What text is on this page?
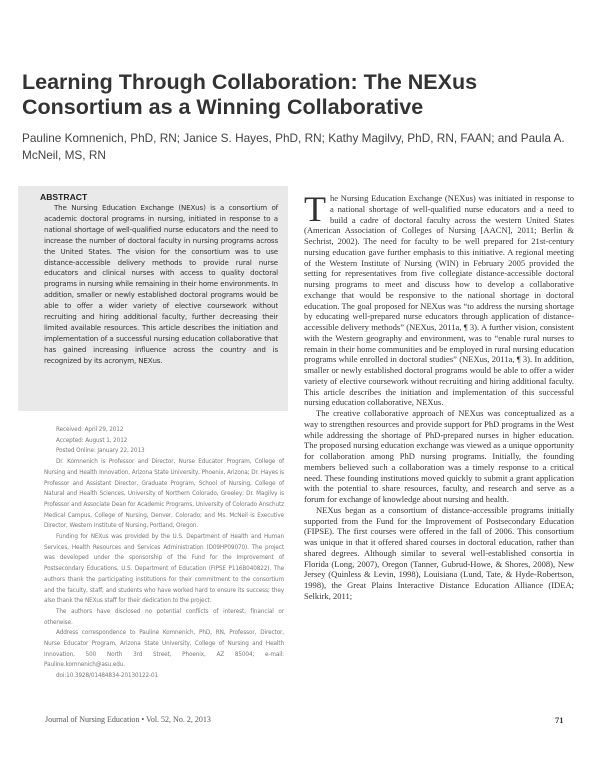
Learning Through Collaboration: The NEXus Consortium as a Winning Collaborative
Pauline Komnenich, PhD, RN; Janice S. Hayes, PhD, RN; Kathy Magilvy, PhD, RN, FAAN; and Paula A. McNeil, MS, RN
ABSTRACT

The Nursing Education Exchange (NEXus) is a consortium of academic doctoral programs in nursing, initiated in response to a national shortage of well-qualified nurse educators and the need to increase the number of doctoral faculty in nursing programs across the United States. The vision for the consortium was to use distance-accessible delivery methods to provide rural nurse educators and clinical nurses with access to quality doctoral programs in nursing while remaining in their home environments. In addition, smaller or newly established doctoral programs would be able to offer a wider variety of elective coursework without recruiting and hiring additional faculty, further decreasing their limited available resources. This article describes the initiation and implementation of a successful nursing education collaborative that has gained increasing influence across the country and is recognized by its acronym, NEXus.

Received: April 29, 2012

Accepted: August 1, 2012

Posted Online: January 22, 2013

Dr. Komnenich is Professor and Director, Nurse Educator Program, College of Nursing and Health Innovation, Arizona State University, Phoenix, Arizona; Dr. Hayes is Professor and Assistant Director, Graduate Program, School of Nursing, College of Natural and Health Sciences, University of Northern Colorado, Greeley; Dr. Magilvy is Professor and Associate Dean for Academic Programs, University of Colorado Anschutz Medical Campus, College of Nursing, Denver, Colorado; and Ms. McNeil is Executive Director, Western Institute of Nursing, Portland, Oregon.

Funding for NEXus was provided by the U.S. Department of Health and Human Services, Health Resources and Services Administration (D09HP09070). The project was developed under the sponsorship of the Fund for the Improvement of Postsecondary Educations, U.S. Department of Education (FIPSE P116B040822). The authors thank the participating institutions for their commitment to the consortium and the faculty, staff, and students who have worked hard to ensure its success; they also thank the NEXus staff for their dedication to the project.

The authors have disclosed no potential conflicts of interest, financial or otherwise.

Address correspondence to Pauline Komnenich, PhD, RN, Professor, Director, Nurse Educator Program, Arizona State University, College of Nursing and Health Innovation, 500 North 3rd Street, Phoenix, AZ 85004; e-mail: Pauline.komnenich@asu.edu.

doi:10.3928/01484834-20130122-01

The Nursing Education Exchange (NEXus) was initiated in response to a national shortage of well-qualified nurse educators and a need to build a cadre of doctoral faculty across the western United States (American Association of Colleges of Nursing [AACN], 2011; Berlin & Sechrist, 2002). The need for faculty to be well prepared for 21st-century nursing education gave further emphasis to this initiative. A regional meeting of the Western Institute of Nursing (WIN) in February 2005 provided the setting for representatives from five collegiate distance-accessible doctoral nursing programs to meet and discuss how to develop a collaborative exchange that would be responsive to the national shortage in doctoral education. The goal proposed for NEXus was “to address the nursing shortage by educating well-prepared nurse educators through application of distance-accessible delivery methods” (NEXus, 2011a, ¶ 3). A further vision, consistent with the Western geography and environment, was to “enable rural nurses to remain in their home communities and be employed in rural nursing education programs while enrolled in doctoral studies” (NEXus, 2011a, ¶ 3). In addition, smaller or newly established doctoral programs would be able to offer a wider variety of elective coursework without recruiting and hiring additional faculty. This article describes the initiation and implementation of this successful nursing education collaborative, NEXus.

The creative collaborative approach of NEXus was conceptualized as a way to strengthen resources and provide support for PhD programs in the West while addressing the shortage of PhD-prepared nurses in higher education. The proposed nursing education exchange was viewed as a unique opportunity for collaboration among PhD nursing programs. Initially, the founding members believed such a collaboration was a timely response to a critical need. These founding institutions moved quickly to submit a grant application with the potential to share resources, faculty, and research and serve as a forum for exchange of knowledge about nursing and health.

NEXus began as a consortium of distance-accessible programs initially supported from the Fund for the Improvement of Postsecondary Education (FIPSE). The first courses were offered in the fall of 2006. This consortium was unique in that it offered shared courses in doctoral education, rather than shared degrees. Although similar to several well-established consortia in Florida (Long, 2007), Oregon (Tanner, Gubrud-Howe, & Shores, 2008), New Jersey (Quinless & Levin, 1998), Louisiana (Lund, Tate, & Hyde-Robertson, 1998), the Great Plains Interactive Distance Education Alliance (IDEA; Selkirk, 2011;

Journal of Nursing Education • Vol. 52, No. 2, 2013	71
